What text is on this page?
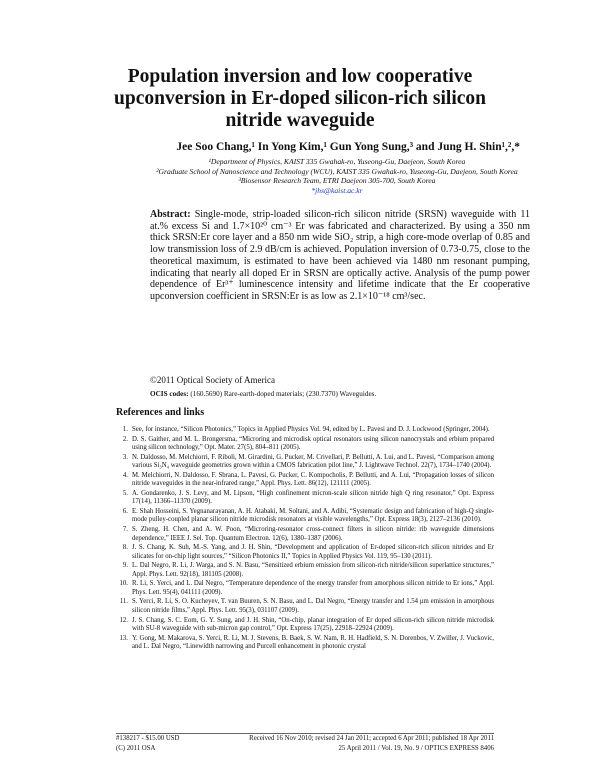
Population inversion and low cooperative
upconversion in Er-doped silicon-rich silicon
nitride waveguide
Jee Soo Chang,¹ In Yong Kim,¹ Gun Yong Sung,³ and Jung H. Shin¹,²,*
¹Department of Physics, KAIST 335 Gwahak-ro, Yuseong-Gu, Daejeon, South Korea
²Graduate School of Nanoscience and Technology (WCU), KAIST 335 Gwahak-ro, Yuseong-Gu, Daejeon, South Korea
³Biosensor Research Team, ETRI Daejeon 305-700, South Korea
*jhs@kaist.ac.kr
Abstract: Single-mode, strip-loaded silicon-rich silicon nitride (SRSN) waveguide with 11 at.% excess Si and 1.7×10²⁰ cm⁻³ Er was fabricated and characterized. By using a 350 nm thick SRSN:Er core layer and a 850 nm wide SiO₂ strip, a high core-mode overlap of 0.85 and low transmission loss of 2.9 dB/cm is achieved. Population inversion of 0.73-0.75, close to the theoretical maximum, is estimated to have been achieved via 1480 nm resonant pumping, indicating that nearly all doped Er in SRSN are optically active. Analysis of the pump power dependence of Er³⁺ luminescence intensity and lifetime indicate that the Er cooperative upconversion coefficient in SRSN:Er is as low as 2.1×10⁻¹⁸ cm³/sec.
©2011 Optical Society of America
OCIS codes: (160.5690) Rare-earth-doped materials; (230.7370) Waveguides.
References and links
1. See, for instance, “Silicon Photonics,” Topics in Applied Physics Vol. 94, edited by L. Pavesi and D. J. Lockwood (Springer, 2004).
2. D. S. Gaither, and M. L. Brongersma, “Microring and microdisk optical resonators using silicon nanocrystals and erbium prepared using silicon technology,” Opt. Mater. 27(5), 804–811 (2005).
3. N. Daldosso, M. Melchiorri, F. Riboli, M. Girardini, G. Pucker, M. Crivellari, P. Bellutti, A. Lui, and L. Pavesi, “Comparison among various Si₃N₄ waveguide geometries grown within a CMOS fabrication pilot line,” J. Lightwave Technol. 22(7), 1734–1740 (2004).
4. M. Melchiorri, N. Daldosso, F. Sbrana, L. Pavesi, G. Pucker, C. Kompocholis, P. Bellutti, and A. Lui, “Propagation losses of silicon nitride waveguides in the near-infrared range,” Appl. Phys. Lett. 86(12), 121111 (2005).
5. A. Gondarenko, J. S. Levy, and M. Lipson, “High confinement micron-scale silicon nitride high Q ring resonator,” Opt. Express 17(14), 11366–11370 (2009).
6. E. Shah Hosseini, S. Yegnanarayanan, A. H. Atabaki, M. Soltani, and A. Adibi, “Systematic design and fabrication of high-Q single-mode pulley-coupled planar silicon nitride microdisk resonators at visible wavelengths,” Opt. Express 18(3), 2127–2136 (2010).
7. S. Zheng, H. Chen, and A. W. Poon, “Microring-resonator cross-connect filters in silicon nitride: rib waveguide dimensions dependence,” IEEE J. Sel. Top. Quantum Electron. 12(6), 1380–1387 (2006).
8. J. S. Chang, K. Suh, M.-S. Yang, and J. H. Shin, “Development and application of Er-doped silicon-rich silicon nitrides and Er silicates for on-chip light sources,” “Silicon Photonics II,” Topics in Applied Physics Vol. 119, 95–130 (2011).
9. L. Dal Negro, R. Li, J. Warga, and S. N. Basu, “Sensitized erbium emission from silicon-rich nitride/silicon superlattice structures,” Appl. Phys. Lett. 92(18), 181105 (2008).
10. R. Li, S. Yerci, and L. Dal Negro, “Temperature dependence of the energy transfer from amorphous silicon nitride to Er ions,” Appl. Phys. Lett. 95(4), 041111 (2009).
11. S. Yerci, R. Li, S. O. Kucheyev, T. van Buuren, S. N. Basu, and L. Dal Negro, “Energy transfer and 1.54 μm emission in amorphous silicon nitride films,” Appl. Phys. Lett. 95(3), 031107 (2009).
12. J. S. Chang, S. C. Eom, G. Y. Sung, and J. H. Shin, “On-chip, planar integration of Er doped silicon-rich silicon nitride microdisk with SU-8 waveguide with sub-micron gap control,” Opt. Express 17(25), 22918–22924 (2009).
13. Y. Gong, M. Makarova, S. Yerci, R. Li, M. J. Stevens, B. Baek, S. W. Nam, R. H. Hadfield, S. N. Dorenbos, V. Zwiller, J. Vuckovic, and L. Dal Negro, “Linewidth narrowing and Purcell enhancement in photonic crystal
#138217 - $15.00 USD	Received 16 Nov 2010; revised 24 Jan 2011; accepted 6 Apr 2011; published 18 Apr 2011
(C) 2011 OSA	25 April 2011 / Vol. 19, No. 9 / OPTICS EXPRESS 8406
